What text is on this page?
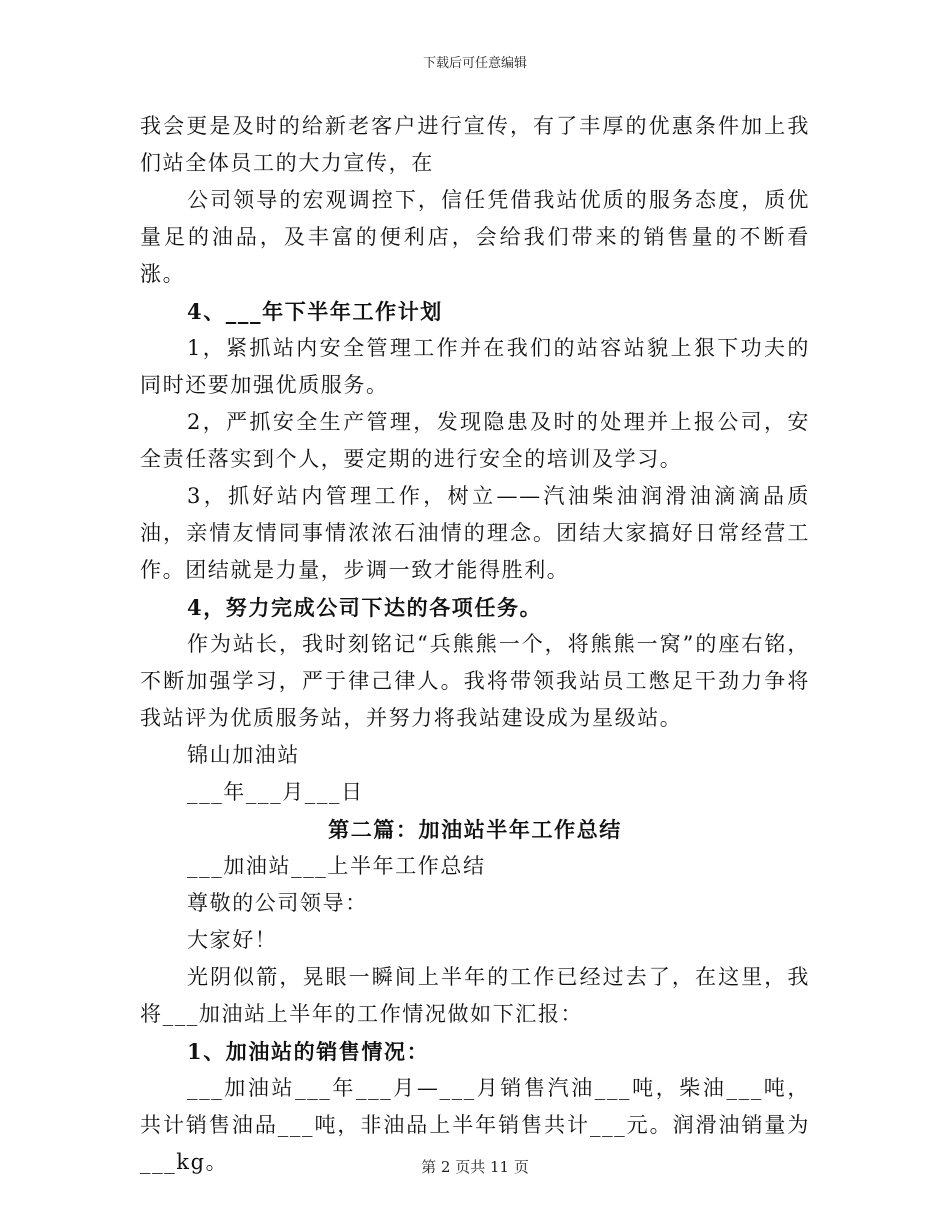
下载后可任意编辑

我会更是及时的给新老客户进行宣传，有了丰厚的优惠条件加上我们站全体员工的大力宣传，在

公司领导的宏观调控下，信任凭借我站优质的服务态度，质优量足的油品，及丰富的便利店，会给我们带来的销售量的不断看涨。

4、___年下半年工作计划

1，紧抓站内安全管理工作并在我们的站容站貌上狠下功夫的同时还要加强优质服务。

2，严抓安全生产管理，发现隐患及时的处理并上报公司，安全责任落实到个人，要定期的进行安全的培训及学习。

3，抓好站内管理工作，树立——汽油柴油润滑油滴滴品质油，亲情友情同事情浓浓石油情的理念。团结大家搞好日常经营工作。团结就是力量，步调一致才能得胜利。

4，努力完成公司下达的各项任务。

作为站长，我时刻铭记“兵熊熊一个，将熊熊一窝”的座右铭，不断加强学习，严于律己律人。我将带领我站员工憋足干劲力争将我站评为优质服务站，并努力将我站建设成为星级站。

锦山加油站

___年___月___日

第二篇：加油站半年工作总结

___加油站___上半年工作总结

尊敬的公司领导：

大家好！

光阴似箭，晃眼一瞬间上半年的工作已经过去了，在这里，我将___加油站上半年的工作情况做如下汇报：

1、加油站的销售情况：

___加油站___年___月—___月销售汽油___吨，柴油___吨，共计销售油品___吨，非油品上半年销售共计___元。润滑油销量为___kg。	第 2 页共 11 页
